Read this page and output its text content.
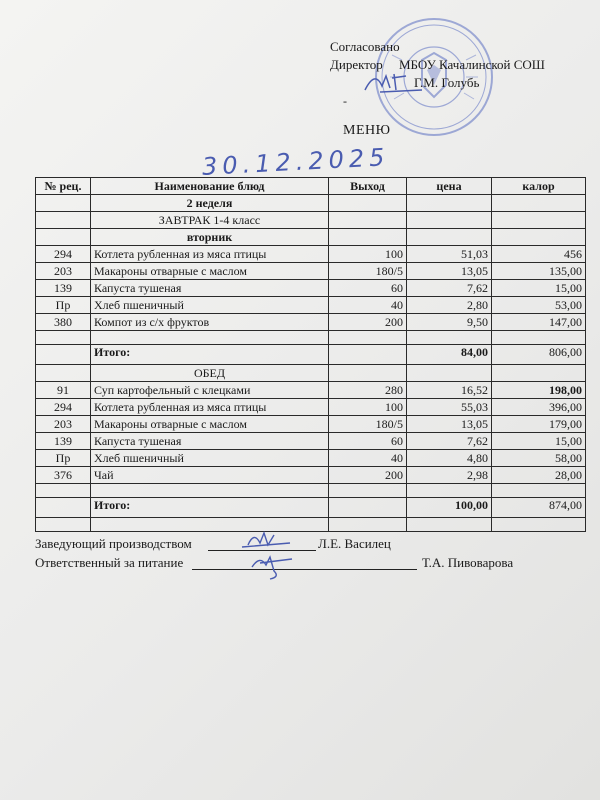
Согласовано
Директор МБОУ Качалинской СОШ
Г.М. Голубь
-
МЕНЮ
30.12.2025
№ рец.	Наименование блюд	Выход	цена	калор
	2 неделя			
	ЗАВТРАК 1-4 класс			
	вторник			
294	Котлета рубленная из мяса птицы	100	51,03	456
203	Макароны отварные с маслом	180/5	13,05	135,00
139	Капуста тушеная	60	7,62	15,00
Пр	Хлеб пшеничный	40	2,80	53,00
380	Компот из с/х фруктов	200	9,50	147,00

	Итого:		84,00	806,00
	ОБЕД			
91	Суп картофельный с клецками	280	16,52	198,00
294	Котлета рубленная из мяса птицы	100	55,03	396,00
203	Макароны отварные с маслом	180/5	13,05	179,00
139	Капуста тушеная	60	7,62	15,00
Пр	Хлеб пшеничный	40	4,80	58,00
376	Чай	200	2,98	28,00

	Итого:		100,00	874,00

Заведующий производством	Л.Е. Василец
Ответственный за питание	Т.А. Пивоварова
